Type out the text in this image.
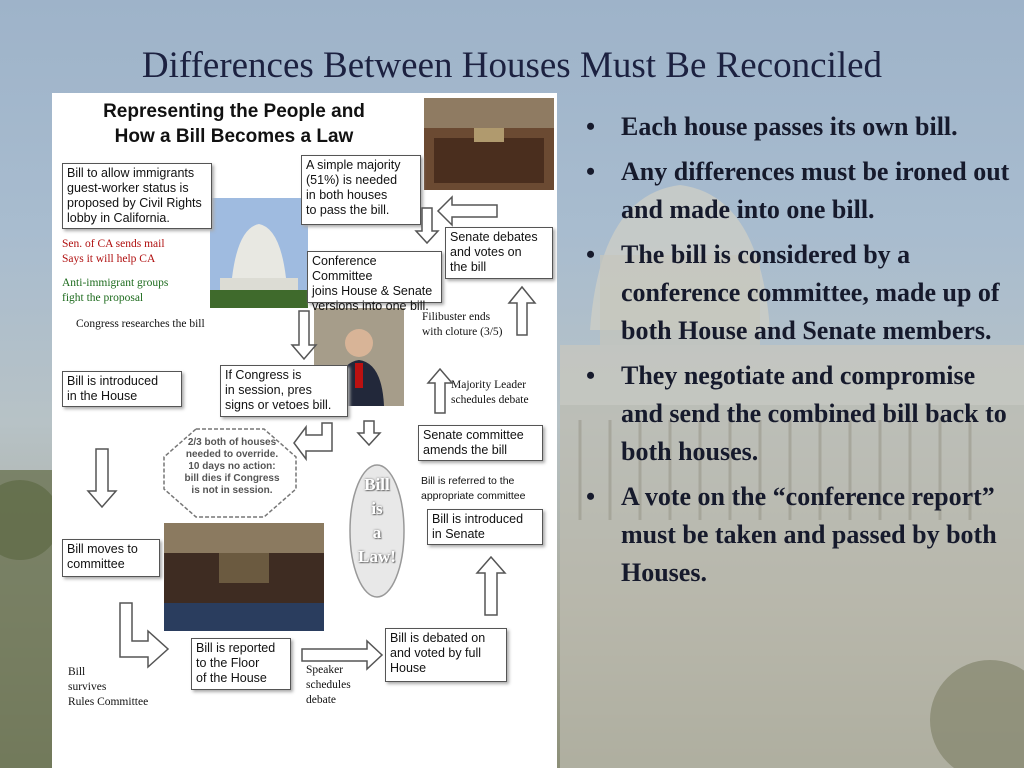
Differences Between Houses Must Be Reconciled
Representing the People and
How a Bill Becomes a Law
Bill to allow immigrants
guest-worker status is
proposed by Civil Rights
lobby in California.
A simple majority
(51%) is needed
in both houses
to pass the bill.
Conference Committee
joins House & Senate
versions into one bill.
Senate debates
and votes on
the bill
Bill is introduced
in the House
If Congress is
in session, pres
signs or vetoes bill.
Senate committee
amends the bill
Bill is introduced
in Senate
Bill moves to
committee
Bill is reported
to the Floor
of the House
Bill is debated on
and voted by full
House
Sen. of CA sends mail
Says it will help CA
Anti-immigrant groups
fight the proposal
Congress researches the bill
Filibuster ends
with cloture (3/5)
Majority Leader
schedules debate
Bill is referred to the
appropriate committee
Bill
survives
Rules Committee
Speaker
schedules
debate
2/3 both of houses
needed to override.
10 days no action:
bill dies if Congress
is not in session.	Bill
is
a
Law!
• Each house passes its own bill.
• Any differences must be ironed out and made into one bill.
• The bill is considered by a conference committee, made up of both House and Senate members.
• They negotiate and compromise and send the combined bill back to both houses.
• A vote on the “conference report” must be taken and passed by both Houses.
